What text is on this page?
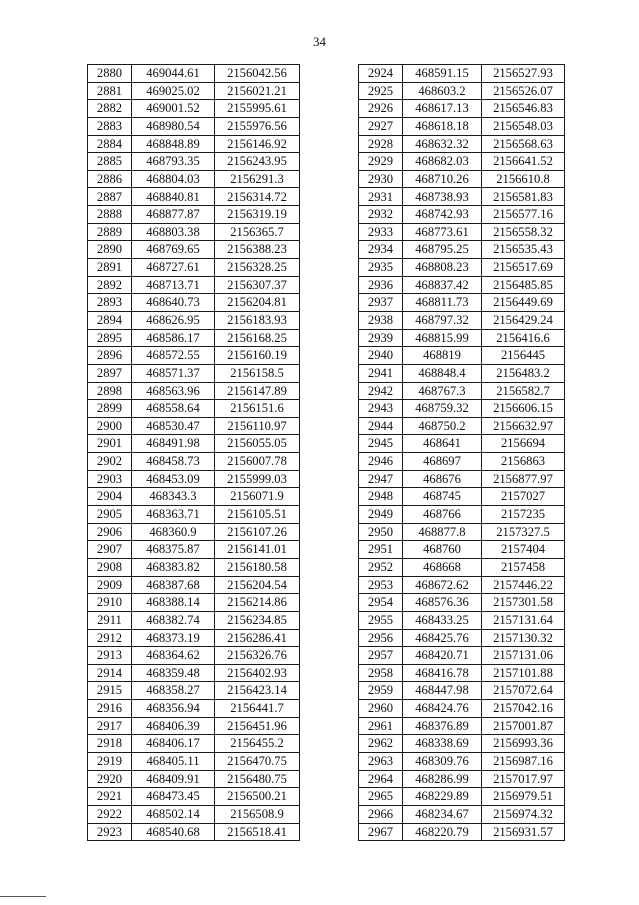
34
2880	469044.61	2156042.56
2881	469025.02	2156021.21
2882	469001.52	2155995.61
2883	468980.54	2155976.56
2884	468848.89	2156146.92
2885	468793.35	2156243.95
2886	468804.03	2156291.3
2887	468840.81	2156314.72
2888	468877.87	2156319.19
2889	468803.38	2156365.7
2890	468769.65	2156388.23
2891	468727.61	2156328.25
2892	468713.71	2156307.37
2893	468640.73	2156204.81
2894	468626.95	2156183.93
2895	468586.17	2156168.25
2896	468572.55	2156160.19
2897	468571.37	2156158.5
2898	468563.96	2156147.89
2899	468558.64	2156151.6
2900	468530.47	2156110.97
2901	468491.98	2156055.05
2902	468458.73	2156007.78
2903	468453.09	2155999.03
2904	468343.3	2156071.9
2905	468363.71	2156105.51
2906	468360.9	2156107.26
2907	468375.87	2156141.01
2908	468383.82	2156180.58
2909	468387.68	2156204.54
2910	468388.14	2156214.86
2911	468382.74	2156234.85
2912	468373.19	2156286.41
2913	468364.62	2156326.76
2914	468359.48	2156402.93
2915	468358.27	2156423.14
2916	468356.94	2156441.7
2917	468406.39	2156451.96
2918	468406.17	2156455.2
2919	468405.11	2156470.75
2920	468409.91	2156480.75
2921	468473.45	2156500.21
2922	468502.14	2156508.9
2923	468540.68	2156518.41
2924	468591.15	2156527.93
2925	468603.2	2156526.07
2926	468617.13	2156546.83
2927	468618.18	2156548.03
2928	468632.32	2156568.63
2929	468682.03	2156641.52
2930	468710.26	2156610.8
2931	468738.93	2156581.83
2932	468742.93	2156577.16
2933	468773.61	2156558.32
2934	468795.25	2156535.43
2935	468808.23	2156517.69
2936	468837.42	2156485.85
2937	468811.73	2156449.69
2938	468797.32	2156429.24
2939	468815.99	2156416.6
2940	468819	2156445
2941	468848.4	2156483.2
2942	468767.3	2156582.7
2943	468759.32	2156606.15
2944	468750.2	2156632.97
2945	468641	2156694
2946	468697	2156863
2947	468676	2156877.97
2948	468745	2157027
2949	468766	2157235
2950	468877.8	2157327.5
2951	468760	2157404
2952	468668	2157458
2953	468672.62	2157446.22
2954	468576.36	2157301.58
2955	468433.25	2157131.64
2956	468425.76	2157130.32
2957	468420.71	2157131.06
2958	468416.78	2157101.88
2959	468447.98	2157072.64
2960	468424.76	2157042.16
2961	468376.89	2157001.87
2962	468338.69	2156993.36
2963	468309.76	2156987.16
2964	468286.99	2157017.97
2965	468229.89	2156979.51
2966	468234.67	2156974.32
2967	468220.79	2156931.57
